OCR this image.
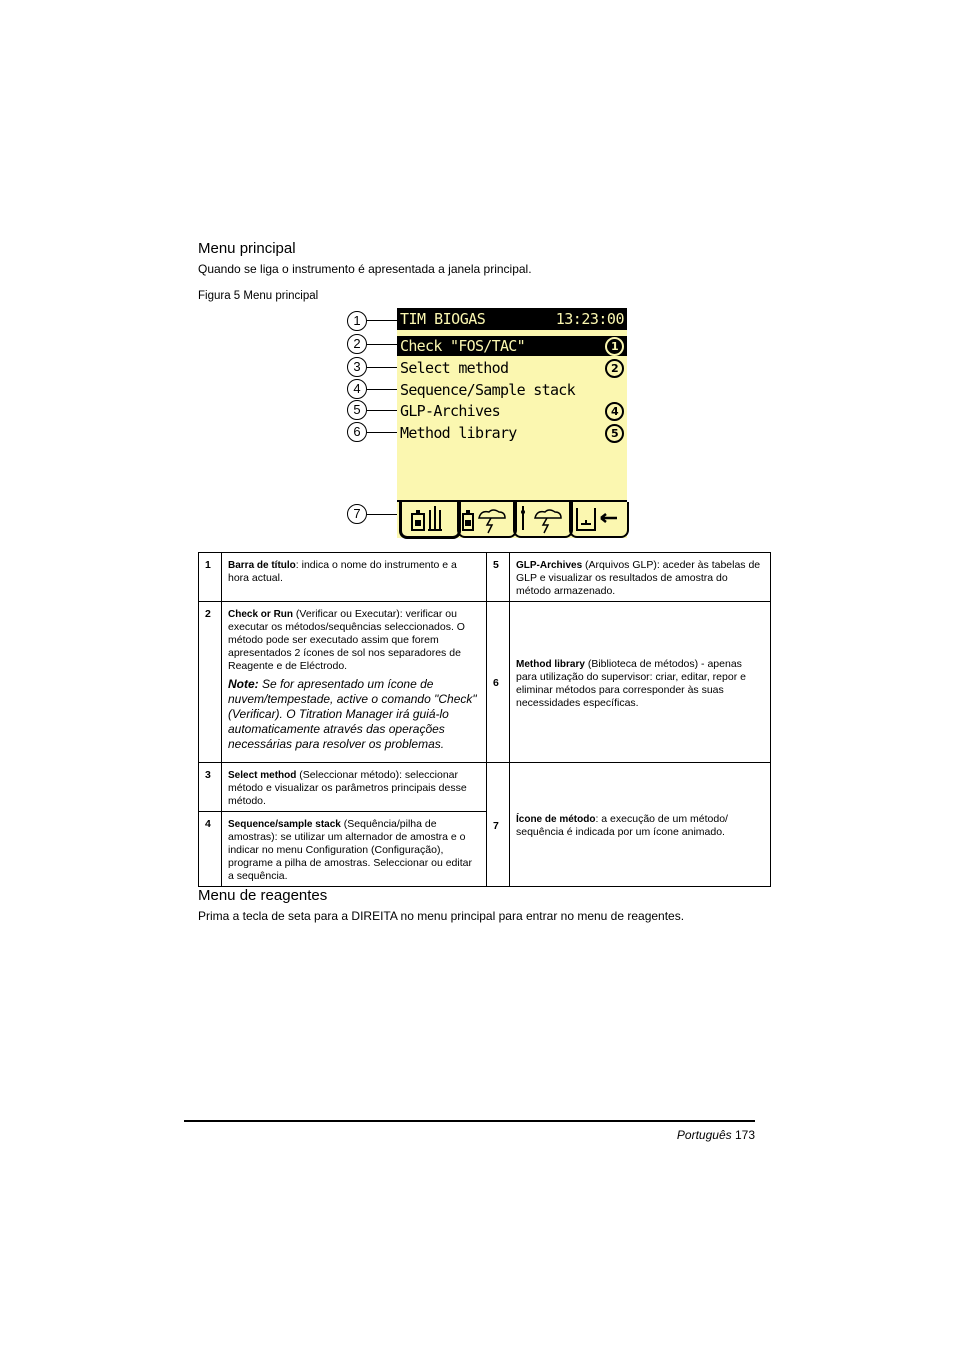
Menu principal

Quando se liga o instrumento é apresentada a janela principal.

Figura 5 Menu principal

1
2
3
4
5
6
7
TIM BIOGAS	13:23:00
Check "FOS/TAC"	1
Select method	2
Sequence/Sample stack
GLP-Archives	4
Method library	5
1	Barra de título: indica o nome do instrumento e a hora actual.	5	GLP-Archives (Arquivos GLP): aceder às tabelas de GLP e visualizar os resultados de amostra do método armazenado.
2	Check or Run (Verificar ou Executar): verificar ou executar os métodos/sequências seleccionados. O método pode ser executado assim que forem apresentados 2 ícones de sol nos separadores de Reagente e de Eléctrodo.
Note: Se for apresentado um ícone de nuvem/tempestade, active o comando "Check" (Verificar). O Titration Manager irá guiá-lo automaticamente através das operações necessárias para resolver os problemas.	6	Method library (Biblioteca de métodos) - apenas para utilização do supervisor: criar, editar, repor e eliminar métodos para corresponder às suas necessidades específicas.
3	Select method (Seleccionar método): seleccionar método e visualizar os parâmetros principais desse método.	7	Ícone de método: a execução de um método/ sequência é indicada por um ícone animado.
4	Sequence/sample stack (Sequência/pilha de amostras): se utilizar um alternador de amostra e o indicar no menu Configuration (Configuração), programe a pilha de amostras. Seleccionar ou editar a sequência.		
Menu de reagentes

Prima a tecla de seta para a DIREITA no menu principal para entrar no menu de reagentes.

Português 173
